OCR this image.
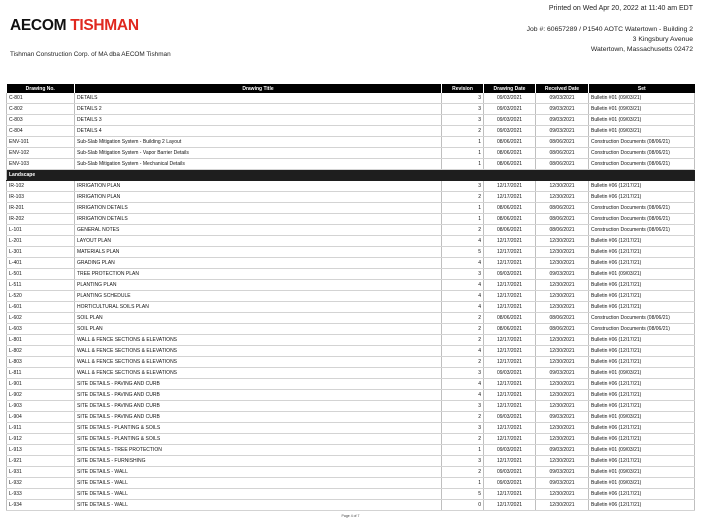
Printed on Wed Apr 20, 2022 at 11:40 am EDT
AECOM TISHMAN
Tishman Construction Corp. of MA dba AECOM Tishman
Job #: 60657289 / P1540 AOTC Watertown - Building 2
3 Kingsbury Avenue
Watertown, Massachusetts 02472
Drawing No.	Drawing Title	Revision	Drawing Date	Received Date	Set
C-801	DETAILS	3	09/03/2021	09/03/2021	Bulletin #01 (09/03/21)
C-802	DETAILS 2	3	09/03/2021	09/03/2021	Bulletin #01 (09/03/21)
C-803	DETAILS 3	3	09/03/2021	09/03/2021	Bulletin #01 (09/03/21)
C-804	DETAILS 4	2	09/03/2021	09/03/2021	Bulletin #01 (09/03/21)
ENV-101	Sub-Slab Mitigation System - Building 2 Layout	1	08/06/2021	08/06/2021	Construction Documents (08/06/21)
ENV-102	Sub-Slab Mitigation System - Vapor Barrier Details	1	08/06/2021	08/06/2021	Construction Documents (08/06/21)
ENV-103	Sub-Slab Mitigation System - Mechanical Details	1	08/06/2021	08/06/2021	Construction Documents (08/06/21)
Landscape					
IR-102	IRRIGATION PLAN	3	12/17/2021	12/30/2021	Bulletin #06 (12/17/21)
IR-103	IRRIGATION PLAN	2	12/17/2021	12/30/2021	Bulletin #06 (12/17/21)
IR-201	IRRIGATION DETAILS	1	08/06/2021	08/06/2021	Construction Documents (08/06/21)
IR-202	IRRIGATION DETAILS	1	08/06/2021	08/06/2021	Construction Documents (08/06/21)
L-101	GENERAL NOTES	2	08/06/2021	08/06/2021	Construction Documents (08/06/21)
L-201	LAYOUT PLAN	4	12/17/2021	12/30/2021	Bulletin #06 (12/17/21)
L-301	MATERIALS PLAN	5	12/17/2021	12/30/2021	Bulletin #06 (12/17/21)
L-401	GRADING PLAN	4	12/17/2021	12/30/2021	Bulletin #06 (12/17/21)
L-501	TREE PROTECTION PLAN	3	09/03/2021	09/03/2021	Bulletin #01 (09/03/21)
L-511	PLANTING PLAN	4	12/17/2021	12/30/2021	Bulletin #06 (12/17/21)
L-520	PLANTING SCHEDULE	4	12/17/2021	12/30/2021	Bulletin #06 (12/17/21)
L-601	HORTICULTURAL SOILS PLAN	4	12/17/2021	12/30/2021	Bulletin #06 (12/17/21)
L-602	SOIL PLAN	2	08/06/2021	08/06/2021	Construction Documents (08/06/21)
L-603	SOIL PLAN	2	08/06/2021	08/06/2021	Construction Documents (08/06/21)
L-801	WALL & FENCE SECTIONS & ELEVATIONS	2	12/17/2021	12/30/2021	Bulletin #06 (12/17/21)
L-802	WALL & FENCE SECTIONS & ELEVATIONS	4	12/17/2021	12/30/2021	Bulletin #06 (12/17/21)
L-803	WALL & FENCE SECTIONS & ELEVATIONS	2	12/17/2021	12/30/2021	Bulletin #06 (12/17/21)
L-811	WALL & FENCE SECTIONS & ELEVATIONS	3	09/03/2021	09/03/2021	Bulletin #01 (09/03/21)
L-901	SITE DETAILS - PAVING AND CURB	4	12/17/2021	12/30/2021	Bulletin #06 (12/17/21)
L-902	SITE DETAILS - PAVING AND CURB	4	12/17/2021	12/30/2021	Bulletin #06 (12/17/21)
L-903	SITE DETAILS - PAVING AND CURB	3	12/17/2021	12/30/2021	Bulletin #06 (12/17/21)
L-904	SITE DETAILS - PAVING AND CURB	2	09/03/2021	09/03/2021	Bulletin #01 (09/03/21)
L-911	SITE DETAILS - PLANTING & SOILS	3	12/17/2021	12/30/2021	Bulletin #06 (12/17/21)
L-912	SITE DETAILS - PLANTING & SOILS	2	12/17/2021	12/30/2021	Bulletin #06 (12/17/21)
L-913	SITE DETAILS - TREE PROTECTION	1	09/03/2021	09/03/2021	Bulletin #01 (09/03/21)
L-921	SITE DETAILS - FURNISHING	3	12/17/2021	12/30/2021	Bulletin #06 (12/17/21)
L-931	SITE DETAILS - WALL	2	09/03/2021	09/03/2021	Bulletin #01 (09/03/21)
L-932	SITE DETAILS - WALL	1	09/03/2021	09/03/2021	Bulletin #01 (09/03/21)
L-933	SITE DETAILS - WALL	5	12/17/2021	12/30/2021	Bulletin #06 (12/17/21)
L-934	SITE DETAILS - WALL	0	12/17/2021	12/30/2021	Bulletin #06 (12/17/21)
Page 4 of 7
